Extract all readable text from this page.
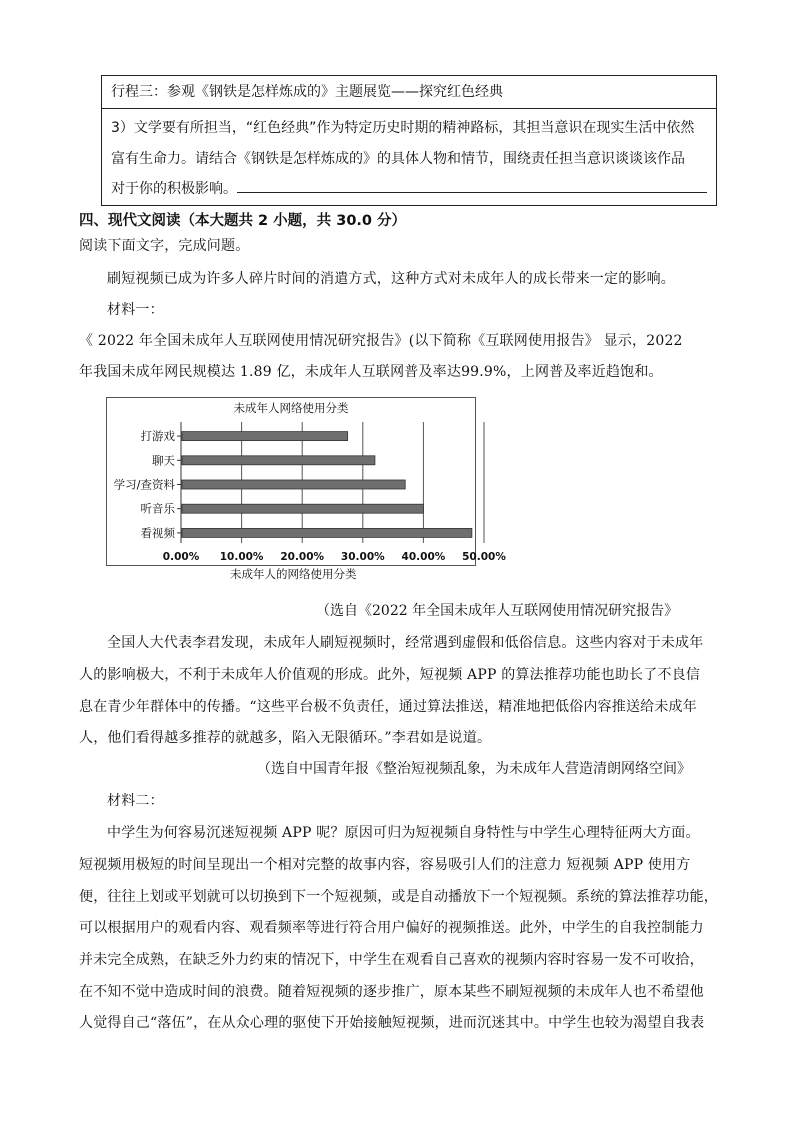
行程三：参观《钢铁是怎样炼成的》主题展览——探究红色经典

3）文学要有所担当，“红色经典”作为特定历史时期的精神路标，其担当意识在现实生活中依然

富有生命力。请结合《钢铁是怎样炼成的》的具体人物和情节，围绕责任担当意识谈谈该作品

对于你的积极影响。

四、现代文阅读（本大题共 2 小题，共 30.0 分）
阅读下面文字，完成问题。
刷短视频已成为许多人碎片时间的消遣方式，这种方式对未成年人的成长带来一定的影响。
材料一：
《 2022 年全国未成年人互联网使用情况研究报告》(以下简称《互联网使用报告》 显示，2022
年我国未成年网民规模达 1.89 亿，未成年人互联网普及率达99.9%，上网普及率近趋饱和。
未成年人网络使用分类
0.00% 10.00% 20.00% 30.00% 40.00% 50.00%
打游戏
聊天
学习/查资料
听音乐
看视频
未成年人的网络使用分类
（选自《2022 年全国未成年人互联网使用情况研究报告》
全国人大代表李君发现，未成年人刷短视频时，经常遇到虚假和低俗信息。这些内容对于未成年
人的影响极大，不利于未成年人价值观的形成。此外，短视频 APP 的算法推荐功能也助长了不良信
息在青少年群体中的传播。“这些平台极不负责任，通过算法推送，精准地把低俗内容推送给未成年
人，他们看得越多推荐的就越多，陷入无限循环。”李君如是说道。
（选自中国青年报《整治短视频乱象，为未成年人营造清朗网络空间》
材料二：
中学生为何容易沉迷短视频 APP 呢？原因可归为短视频自身特性与中学生心理特征两大方面。
短视频用极短的时间呈现出一个相对完整的故事内容，容易吸引人们的注意力 短视频 APP 使用方
便，往往上划或平划就可以切换到下一个短视频，或是自动播放下一个短视频。系统的算法推荐功能，
可以根据用户的观看内容、观看频率等进行符合用户偏好的视频推送。此外，中学生的自我控制能力
并未完全成熟，在缺乏外力约束的情况下，中学生在观看自己喜欢的视频内容时容易一发不可收拾，
在不知不觉中造成时间的浪费。随着短视频的逐步推广，原本某些不刷短视频的未成年人也不希望他
人觉得自己“落伍”，在从众心理的驱使下开始接触短视频，进而沉迷其中。中学生也较为渴望自我表
